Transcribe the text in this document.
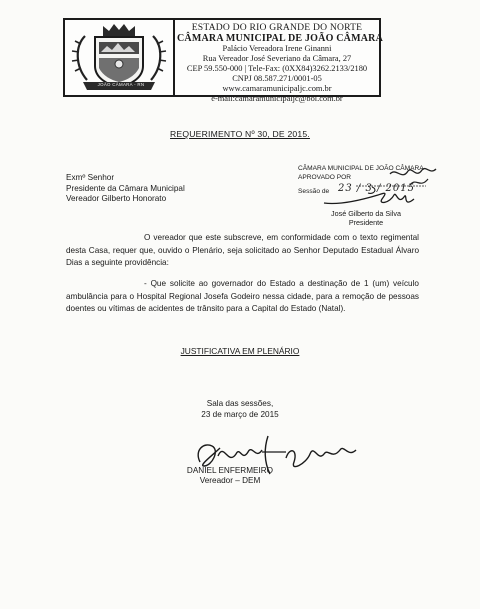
JOÃO CÂMARA - RN
ESTADO DO RIO GRANDE DO NORTE
CÂMARA MUNICIPAL DE JOÃO CÂMARA
Palácio Vereadora Irene Ginanni
Rua Vereador José Severiano da Câmara, 27
CEP 59.550-000 | Tele-Fax: (0XX84)3262.2133/2180
CNPJ 08.587.271/0001-05
www.camaramunicipaljc.com.br
e-mail:camaramunicipaljc@bol.com.br
REQUERIMENTO Nº 30, DE 2015.
Exmº Senhor
Presidente da Câmara Municipal
Vereador Gilberto Honorato
CÂMARA MUNICIPAL DE JOÃO CÂMARA
APROVADO POR
Sessão de 23 / 3 / 2015
José Gilberto da Silva
Presidente
O vereador que este subscreve, em conformidade com o texto regimental desta Casa, requer que, ouvido o Plenário, seja solicitado ao Senhor Deputado Estadual Álvaro Dias a seguinte providência:
- Que solicite ao governador do Estado a destinação de 1 (um) veículo ambulância para o Hospital Regional Josefa Godeiro nessa cidade, para a remoção de pessoas doentes ou vítimas de acidentes de trânsito para a Capital do Estado (Natal).
JUSTIFICATIVA EM PLENÁRIO
Sala das sessões,
23 de março de 2015
DANIEL ENFERMEIRO
Vereador – DEM
